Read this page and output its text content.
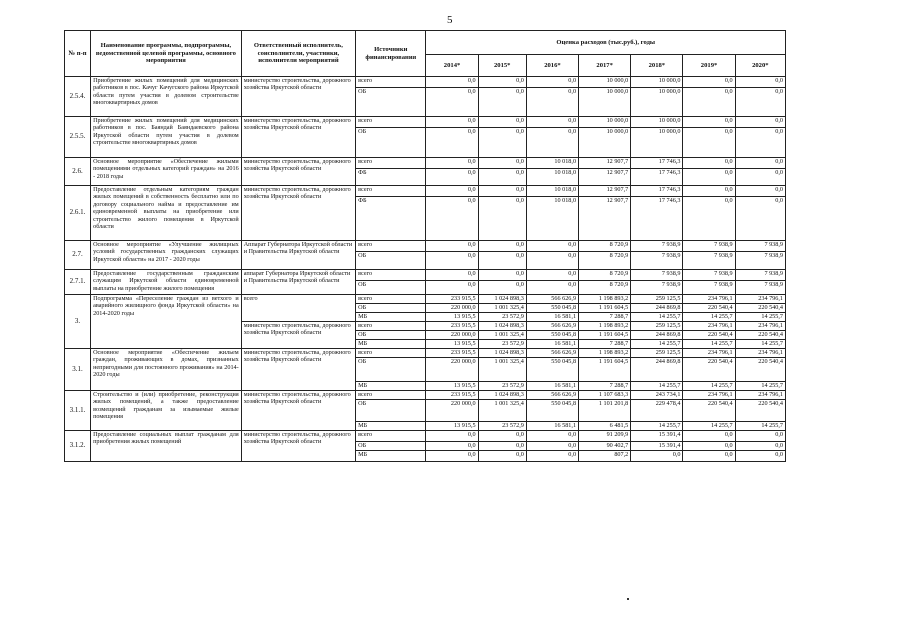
5
№ п-п	Наименование программы, подпрограммы, ведомственной целевой программы, основного мероприятия	Ответственный исполнитель, соисполнители, участники, исполнители мероприятий	Источники финансирования	Оценка расходов (тыс.руб.), годы						
				2014*	2015*	2016*	2017*	2018*	2019*	2020*
2.5.4.	Приобретение жилых помещений для медицинских работников в пос. Качуг Качугского района Иркутской области путем участия в долевом строительстве многоквартирных домов	министерство строительства, дорожного хозяйства Иркутской области	всего	0,0	0,0	0,0	10 000,0	10 000,0	0,0	0,0
			ОБ	0,0	0,0	0,0	10 000,0	10 000,0	0,0	0,0
2.5.5.	Приобретение жилых помещений для медицинских работников в пос. Баяндай Баяндаевского района Иркутской области путем участия в долевом строительстве многоквартирных домов	министерство строительства, дорожного хозяйства Иркутской области	всего	0,0	0,0	0,0	10 000,0	10 000,0	0,0	0,0
			ОБ	0,0	0,0	0,0	10 000,0	10 000,0	0,0	0,0
2.6.	Основное мероприятие «Обеспечение жилыми помещениями отдельных категорий граждан» на 2016 - 2018 годы	министерство строительства, дорожного хозяйства Иркутской области	всего	0,0	0,0	10 018,0	12 907,7	17 746,3	0,0	0,0
			ФБ	0,0	0,0	10 018,0	12 907,7	17 746,3	0,0	0,0
2.6.1.	Предоставление отдельным категориям граждан жилых помещений в собственность бесплатно или по договору социального найма и предоставление им единовременной выплаты на приобретение или строительство жилого помещения в Иркутской области	министерство строительства, дорожного хозяйства Иркутской области	всего	0,0	0,0	10 018,0	12 907,7	17 746,3	0,0	0,0
			ФБ	0,0	0,0	10 018,0	12 907,7	17 746,3	0,0	0,0
2.7.	Основное мероприятие «Улучшение жилищных условий государственных гражданских служащих Иркутской области» на 2017 - 2020 годы	Аппарат Губернатора Иркутской области и Правительства Иркутской области	всего	0,0	0,0	0,0	8 720,9	7 938,9	7 938,9	7 938,9
			ОБ	0,0	0,0	0,0	8 720,9	7 938,9	7 938,9	7 938,9
2.7.1.	Предоставление государственным гражданским служащим Иркутской области единовременной выплаты на приобретение жилого помещения	аппарат Губернатора Иркутской области и Правительства Иркутской области	всего	0,0	0,0	0,0	8 720,9	7 938,9	7 938,9	7 938,9
			ОБ	0,0	0,0	0,0	8 720,9	7 938,9	7 938,9	7 938,9
3.	Подпрограмма «Переселение граждан из ветхого и аварийного жилищного фонда Иркутской области» на 2014-2020 годы	всего	всего	233 915,5	1 024 898,3	566 626,9	1 198 893,2	259 125,5	234 796,1	234 796,1
			ОБ	220 000,0	1 001 325,4	550 045,8	1 191 604,5	244 869,8	220 540,4	220 540,4
			МБ	13 915,5	23 572,9	16 581,1	7 288,7	14 255,7	14 255,7	14 255,7
		министерство строительства, дорожного хозяйства Иркутской области	всего	233 915,5	1 024 898,3	566 626,9	1 198 893,2	259 125,5	234 796,1	234 796,1
			ОБ	220 000,0	1 001 325,4	550 045,8	1 191 604,5	244 869,8	220 540,4	220 540,4
			МБ	13 915,5	23 572,9	16 581,1	7 288,7	14 255,7	14 255,7	14 255,7
3.1.	Основное мероприятие «Обеспечение жильем граждан, проживающих в домах, признанных непригодными для постоянного проживания» на 2014-2020 годы	министерство строительства, дорожного хозяйства Иркутской области	всего	233 915,5	1 024 898,3	566 626,9	1 198 893,2	259 125,5	234 796,1	234 796,1
			ОБ	220 000,0	1 001 325,4	550 045,8	1 191 604,5	244 869,8	220 540,4	220 540,4
			МБ	13 915,5	23 572,9	16 581,1	7 288,7	14 255,7	14 255,7	14 255,7
3.1.1.	Строительство и (или) приобретение, реконструкция жилых помещений, а также предоставление возмещений гражданам за изымаемые жилые помещения	министерство строительства, дорожного хозяйства Иркутской области	всего	233 915,5	1 024 898,3	566 626,9	1 107 683,3	243 734,1	234 796,1	234 796,1
			ОБ	220 000,0	1 001 325,4	550 045,8	1 101 201,8	229 478,4	220 540,4	220 540,4
			МБ	13 915,5	23 572,9	16 581,1	6 481,5	14 255,7	14 255,7	14 255,7
3.1.2.	Предоставление социальных выплат гражданам для приобретения жилых помещений	министерство строительства, дорожного хозяйства Иркутской области	всего	0,0	0,0	0,0	91 209,9	15 391,4	0,0	0,0
			ОБ	0,0	0,0	0,0	90 402,7	15 391,4	0,0	0,0
			МБ	0,0	0,0	0,0	807,2	0,0	0,0	0,0
